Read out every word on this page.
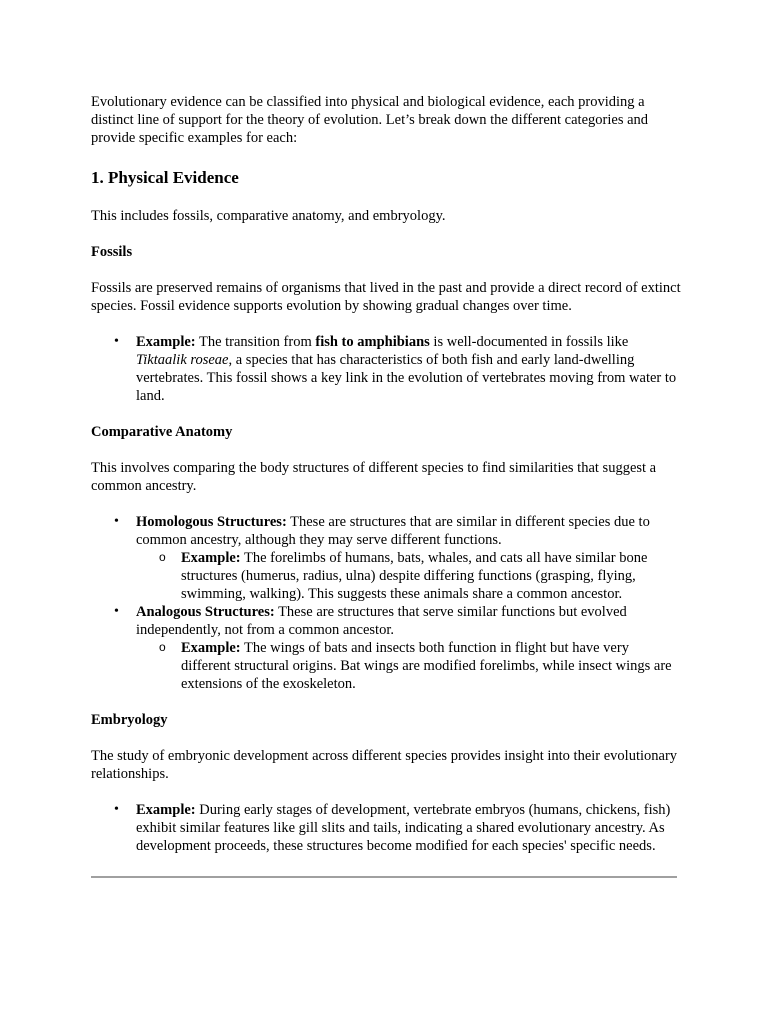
Evolutionary evidence can be classified into physical and biological evidence, each providing a distinct line of support for the theory of evolution. Let’s break down the different categories and provide specific examples for each:

1. Physical Evidence

This includes fossils, comparative anatomy, and embryology.

Fossils

Fossils are preserved remains of organisms that lived in the past and provide a direct record of extinct species. Fossil evidence supports evolution by showing gradual changes over time.

• Example: The transition from fish to amphibians is well-documented in fossils like Tiktaalik roseae, a species that has characteristics of both fish and early land-dwelling vertebrates. This fossil shows a key link in the evolution of vertebrates moving from water to land.
Comparative Anatomy

This involves comparing the body structures of different species to find similarities that suggest a common ancestry.

• Homologous Structures: These are structures that are similar in different species due to common ancestry, although they may serve different functions.
o Example: The forelimbs of humans, bats, whales, and cats all have similar bone structures (humerus, radius, ulna) despite differing functions (grasping, flying, swimming, walking). This suggests these animals share a common ancestor.
• Analogous Structures: These are structures that serve similar functions but evolved independently, not from a common ancestor.
o Example: The wings of bats and insects both function in flight but have very different structural origins. Bat wings are modified forelimbs, while insect wings are extensions of the exoskeleton.
Embryology

The study of embryonic development across different species provides insight into their evolutionary relationships.

• Example: During early stages of development, vertebrate embryos (humans, chickens, fish) exhibit similar features like gill slits and tails, indicating a shared evolutionary ancestry. As development proceeds, these structures become modified for each species' specific needs.
